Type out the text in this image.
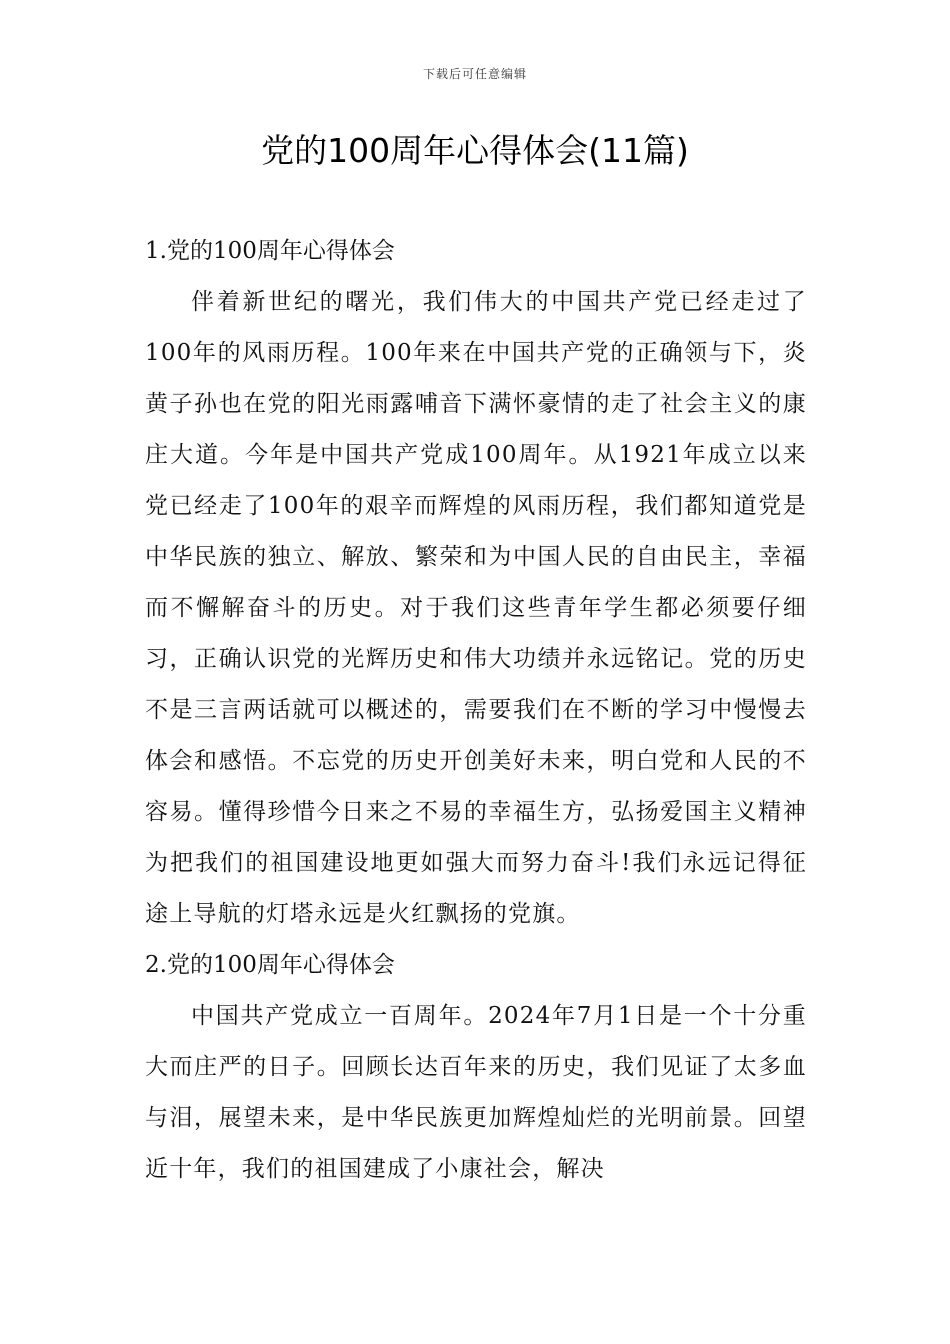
下载后可任意编辑
党的100周年心得体会(11篇)
1.党的100周年心得体会

伴着新世纪的曙光，我们伟大的中国共产党已经走过了100年的风雨历程。100年来在中国共产党的正确领与下，炎黄子孙也在党的阳光雨露哺音下满怀豪情的走了社会主义的康庄大道。今年是中国共产党成100周年。从1921年成立以来党已经走了100年的艰辛而辉煌的风雨历程，我们都知道党是中华民族的独立、解放、繁荣和为中国人民的自由民主，幸福而不懈解奋斗的历史。对于我们这些青年学生都必须要仔细习，正确认识党的光辉历史和伟大功绩并永远铭记。党的历史不是三言两话就可以概述的，需要我们在不断的学习中慢慢去体会和感悟。不忘党的历史开创美好未来，明白党和人民的不容易。懂得珍惜今日来之不易的幸福生方，弘扬爱国主义精神为把我们的祖国建设地更如强大而努力奋斗!我们永远记得征途上导航的灯塔永远是火红飘扬的党旗。

2.党的100周年心得体会

中国共产党成立一百周年。2024年7月1日是一个十分重大而庄严的日子。回顾长达百年来的历史，我们见证了太多血与泪，展望未来，是中华民族更加辉煌灿烂的光明前景。回望近十年，我们的祖国建成了小康社会，解决
